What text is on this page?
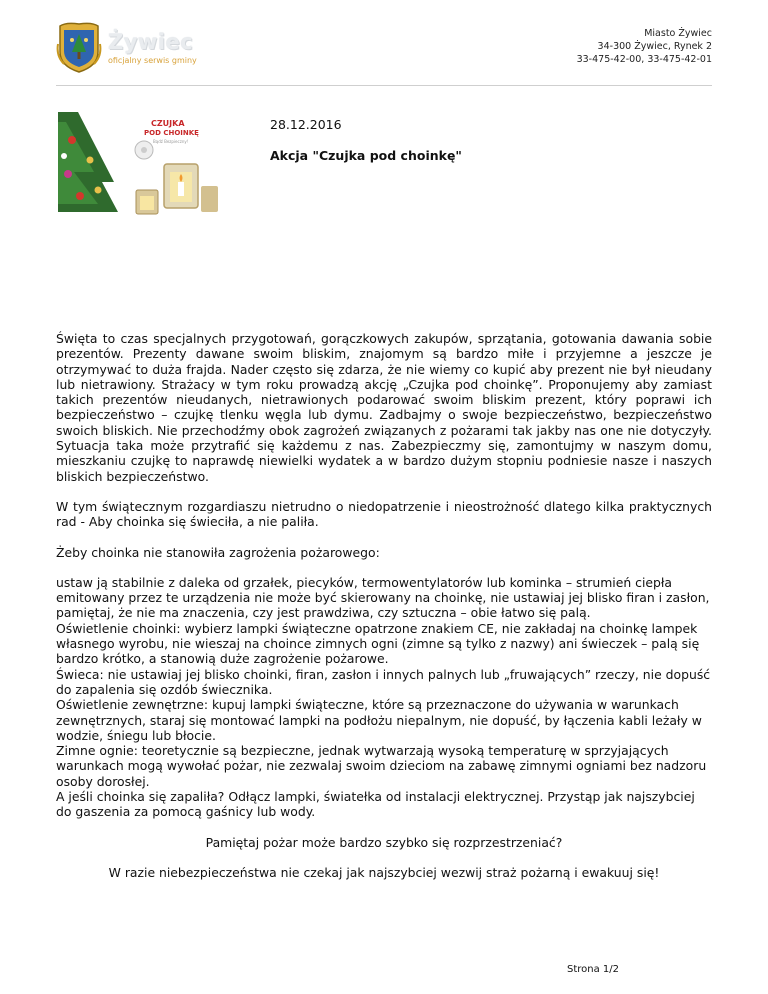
Żywiec
oficjalny serwis gminy
Miasto Żywiec
34-300 Żywiec, Rynek 2
33-475-42-00, 33-475-42-01
CZUJKA
POD CHOINKĘ
Bądź Bezpieczny!
28.12.2016
Akcja "Czujka pod choinkę"

Święta to czas specjalnych przygotowań, gorączkowych zakupów, sprzątania, gotowania dawania sobie prezentów. Prezenty dawane swoim bliskim, znajomym są bardzo miłe i przyjemne a jeszcze je otrzymywać to duża frajda. Nader często się zdarza, że nie wiemy co kupić aby prezent nie był nieudany lub nietrawiony. Strażacy w tym roku prowadzą akcję „Czujka pod choinkę”. Proponujemy aby zamiast takich prezentów nieudanych, nietrawionych podarować swoim bliskim prezent, który poprawi ich bezpieczeństwo – czujkę tlenku węgla lub dymu. Zadbajmy o swoje bezpieczeństwo, bezpieczeństwo swoich bliskich. Nie przechodźmy obok zagrożeń związanych z pożarami tak jakby nas one nie dotyczyły. Sytuacja taka może przytrafić się każdemu z nas. Zabezpieczmy się, zamontujmy w naszym domu, mieszkaniu czujkę to naprawdę niewielki wydatek a w bardzo dużym stopniu podniesie nasze i naszych bliskich bezpieczeństwo.

W tym świątecznym rozgardiaszu nietrudno o niedopatrzenie i nieostrożność dlatego kilka praktycznych rad - Aby choinka się świeciła, a nie paliła.

Żeby choinka nie stanowiła zagrożenia pożarowego:

ustaw ją stabilnie z daleka od grzałek, piecyków, termowentylatorów lub kominka – strumień ciepła emitowany przez te urządzenia nie może być skierowany na choinkę, nie ustawiaj jej blisko firan i zasłon, pamiętaj, że nie ma znaczenia, czy jest prawdziwa, czy sztuczna – obie łatwo się palą.

Oświetlenie choinki: wybierz lampki świąteczne opatrzone znakiem CE, nie zakładaj na choinkę lampek własnego wyrobu, nie wieszaj na choince zimnych ogni (zimne są tylko z nazwy) ani świeczek – palą się bardzo krótko, a stanowią duże zagrożenie pożarowe.

Świeca: nie ustawiaj jej blisko choinki, firan, zasłon i innych palnych lub „fruwających” rzeczy, nie dopuść do zapalenia się ozdób świecznika.

Oświetlenie zewnętrzne: kupuj lampki świąteczne, które są przeznaczone do używania w warunkach zewnętrznych, staraj się montować lampki na podłożu niepalnym, nie dopuść, by łączenia kabli leżały w wodzie, śniegu lub błocie.

Zimne ognie: teoretycznie są bezpieczne, jednak wytwarzają wysoką temperaturę w sprzyjających warunkach mogą wywołać pożar, nie zezwalaj swoim dzieciom na zabawę zimnymi ogniami bez nadzoru osoby dorosłej.

A jeśli choinka się zapaliła? Odłącz lampki, światełka od instalacji elektrycznej. Przystąp jak najszybciej do gaszenia za pomocą gaśnicy lub wody.

Pamiętaj pożar może bardzo szybko się rozprzestrzeniać?

W razie niebezpieczeństwa nie czekaj jak najszybciej wezwij straż pożarną i ewakuuj się!

Strona 1/2
